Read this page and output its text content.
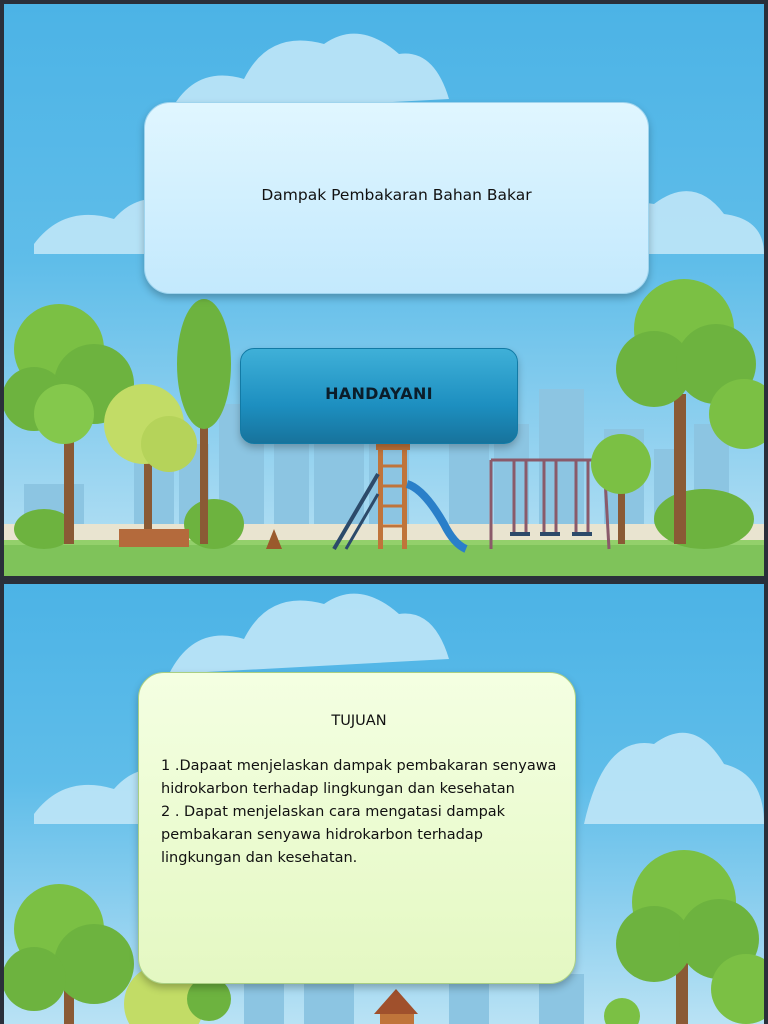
Dampak Pembakaran Bahan Bakar
HANDAYANI
TUJUAN
1 .Dapaat menjelaskan dampak pembakaran senyawa hidrokarbon terhadap lingkungan dan kesehatan
2 . Dapat menjelaskan cara mengatasi dampak pembakaran senyawa hidrokarbon terhadap lingkungan dan kesehatan.
